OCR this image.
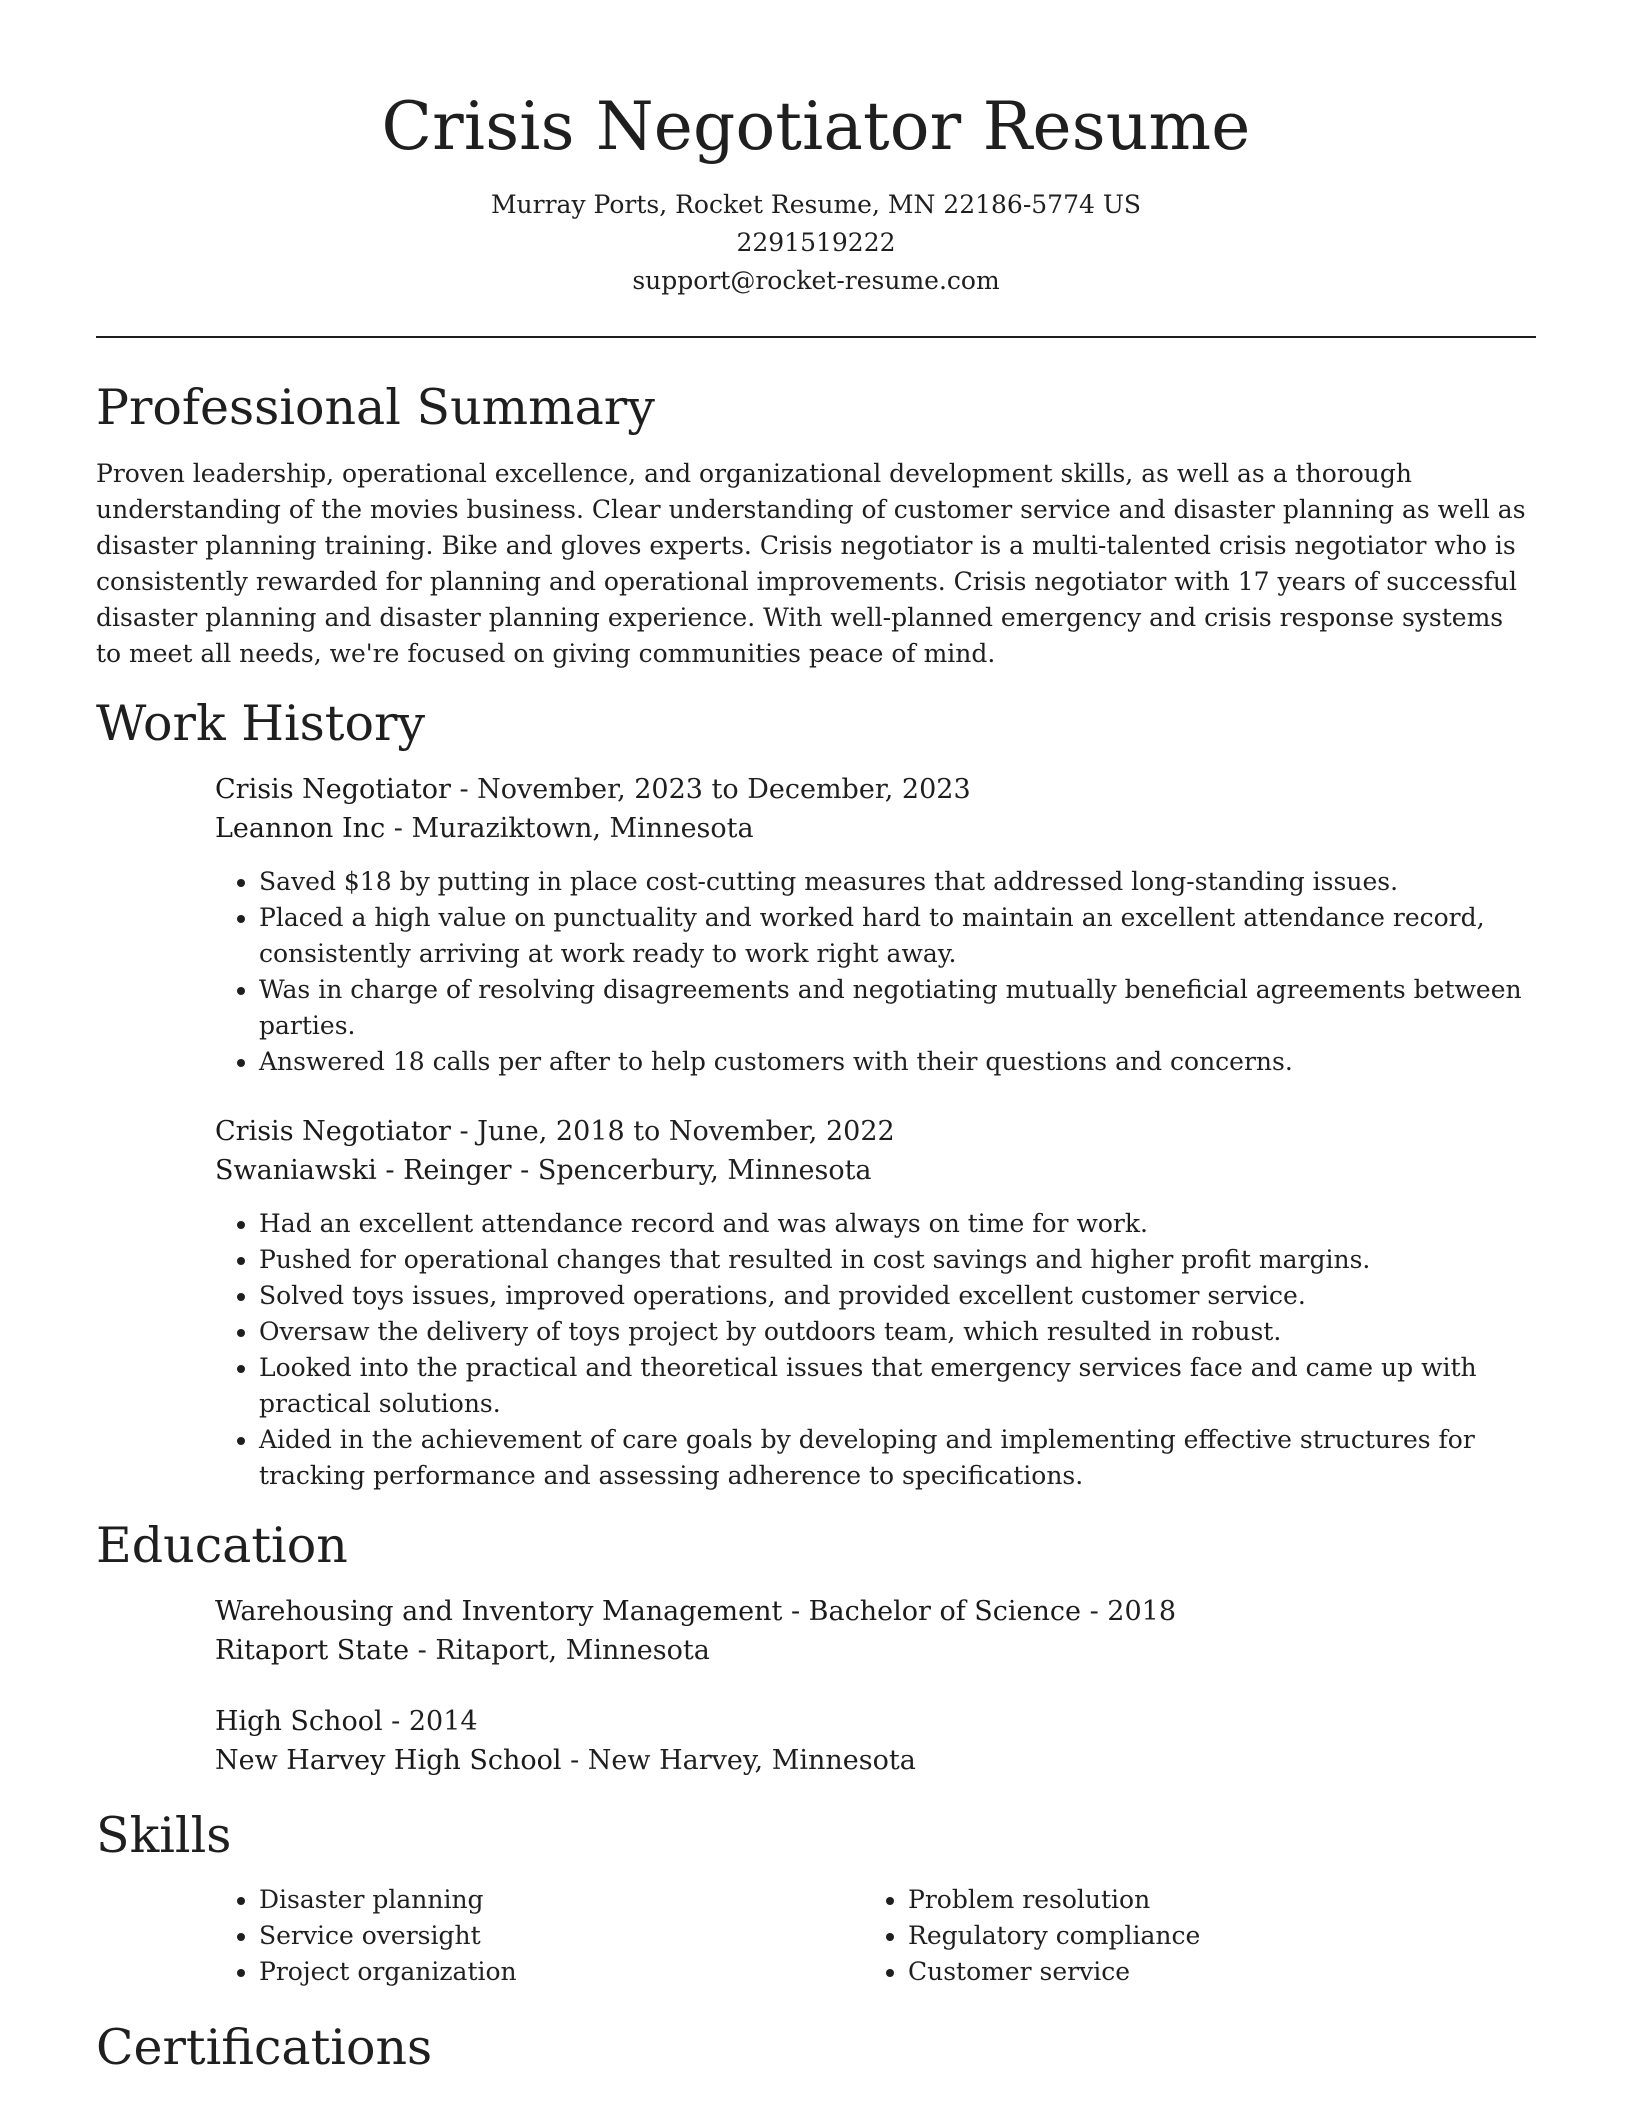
Crisis Negotiator Resume
Murray Ports, Rocket Resume, MN 22186-5774 US
2291519222
support@rocket-resume.com
Professional Summary

Proven leadership, operational excellence, and organizational development skills, as well as a thorough understanding of the movies business. Clear understanding of customer service and disaster planning as well as disaster planning training. Bike and gloves experts. Crisis negotiator is a multi-talented crisis negotiator who is consistently rewarded for planning and operational improvements. Crisis negotiator with 17 years of successful disaster planning and disaster planning experience. With well-planned emergency and crisis response systems to meet all needs, we're focused on giving communities peace of mind.

Work History
Crisis Negotiator - November, 2023 to December, 2023
Leannon Inc - Muraziktown, Minnesota
• Saved $18 by putting in place cost-cutting measures that addressed long-standing issues.
• Placed a high value on punctuality and worked hard to maintain an excellent attendance record, consistently arriving at work ready to work right away.
• Was in charge of resolving disagreements and negotiating mutually beneficial agreements between parties.
• Answered 18 calls per after to help customers with their questions and concerns.
Crisis Negotiator - June, 2018 to November, 2022
Swaniawski - Reinger - Spencerbury, Minnesota
• Had an excellent attendance record and was always on time for work.
• Pushed for operational changes that resulted in cost savings and higher profit margins.
• Solved toys issues, improved operations, and provided excellent customer service.
• Oversaw the delivery of toys project by outdoors team, which resulted in robust.
• Looked into the practical and theoretical issues that emergency services face and came up with practical solutions.
• Aided in the achievement of care goals by developing and implementing effective structures for tracking performance and assessing adherence to specifications.
Education
Warehousing and Inventory Management - Bachelor of Science - 2018
Ritaport State - Ritaport, Minnesota
High School - 2014
New Harvey High School - New Harvey, Minnesota
Skills
• Disaster planning
• Service oversight
• Project organization
• Problem resolution
• Regulatory compliance
• Customer service
Certifications
